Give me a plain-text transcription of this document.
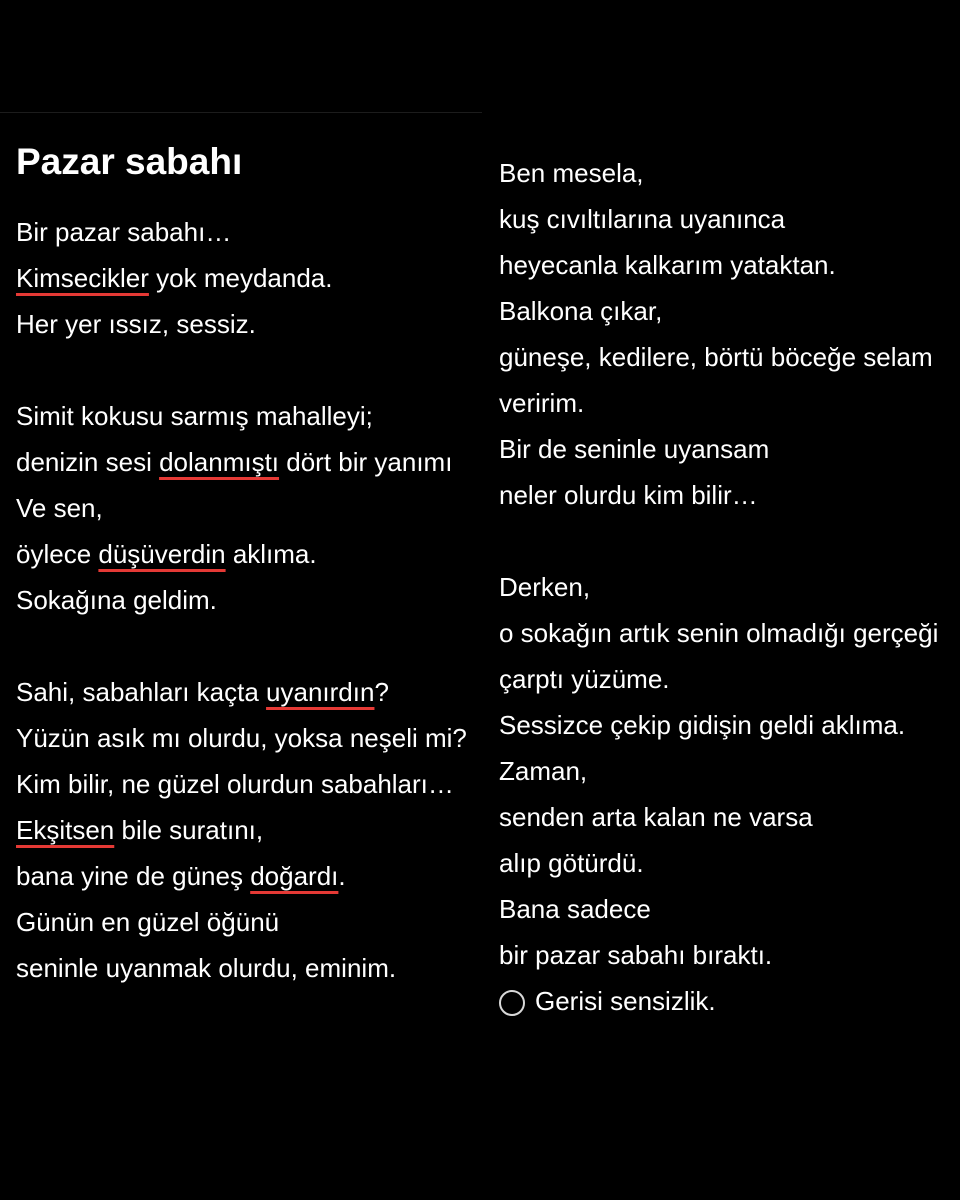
Pazar sabahı
Bir pazar sabahı…
Kimsecikler yok meydanda.
Her yer ıssız, sessiz.
Simit kokusu sarmış mahalleyi;
denizin sesi dolanmıştı dört bir yanımı
Ve sen,
öylece düşüverdin aklıma.
Sokağına geldim.
Sahi, sabahları kaçta uyanırdın?
Yüzün asık mı olurdu, yoksa neşeli mi?
Kim bilir, ne güzel olurdun sabahları…
Ekşitsen bile suratını,
bana yine de güneş doğardı.
Günün en güzel öğünü
seninle uyanmak olurdu, eminim.
Ben mesela,
kuş cıvıltılarına uyanınca
heyecanla kalkarım yataktan.
Balkona çıkar,
güneşe, kedilere, börtü böceğe selam
veririm.
Bir de seninle uyansam
neler olurdu kim bilir…
Derken,
o sokağın artık senin olmadığı gerçeği
çarptı yüzüme.
Sessizce çekip gidişin geldi aklıma.
Zaman,
senden arta kalan ne varsa
alıp götürdü.
Bana sadece
bir pazar sabahı bıraktı.
Gerisi sensizlik.
